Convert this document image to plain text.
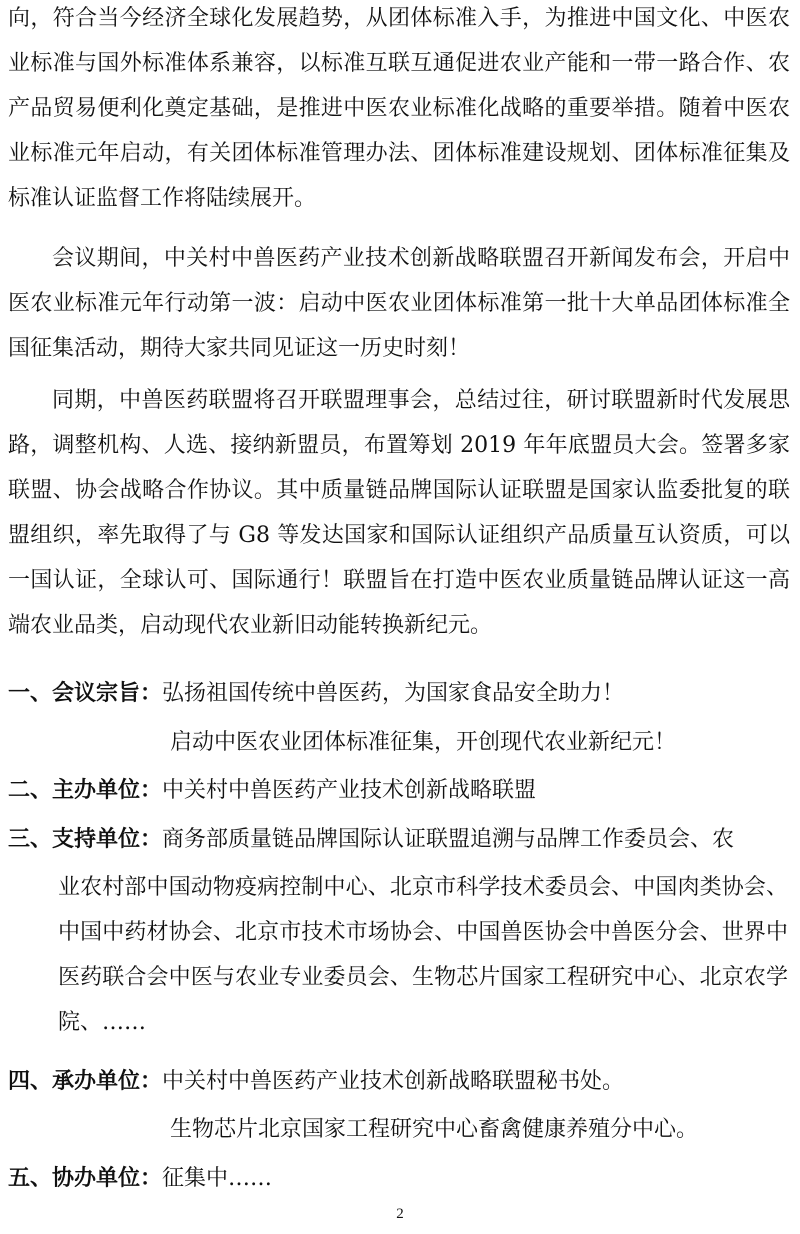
向，符合当今经济全球化发展趋势，从团体标准入手，为推进中国文化、中医农业标准与国外标准体系兼容，以标准互联互通促进农业产能和一带一路合作、农产品贸易便利化奠定基础，是推进中医农业标准化战略的重要举措。随着中医农业标准元年启动，有关团体标准管理办法、团体标准建设规划、团体标准征集及标准认证监督工作将陆续展开。

会议期间，中关村中兽医药产业技术创新战略联盟召开新闻发布会，开启中医农业标准元年行动第一波：启动中医农业团体标准第一批十大单品团体标准全国征集活动，期待大家共同见证这一历史时刻！

同期，中兽医药联盟将召开联盟理事会，总结过往，研讨联盟新时代发展思路，调整机构、人选、接纳新盟员，布置筹划 2019 年年底盟员大会。签署多家联盟、协会战略合作协议。其中质量链品牌国际认证联盟是国家认监委批复的联盟组织，率先取得了与 G8 等发达国家和国际认证组织产品质量互认资质，可以一国认证，全球认可、国际通行！联盟旨在打造中医农业质量链品牌认证这一高端农业品类，启动现代农业新旧动能转换新纪元。

一、会议宗旨：弘扬祖国传统中兽医药，为国家食品安全助力！
启动中医农业团体标准征集，开创现代农业新纪元！
二、主办单位：中关村中兽医药产业技术创新战略联盟
三、支持单位：商务部质量链品牌国际认证联盟追溯与品牌工作委员会、农

业农村部中国动物疫病控制中心、北京市科学技术委员会、中国肉类协会、中国中药材协会、北京市技术市场协会、中国兽医协会中兽医分会、世界中医药联合会中医与农业专业委员会、生物芯片国家工程研究中心、北京农学院、……

四、承办单位：中关村中兽医药产业技术创新战略联盟秘书处。
生物芯片北京国家工程研究中心畜禽健康养殖分中心。
五、协办单位：征集中……
2
